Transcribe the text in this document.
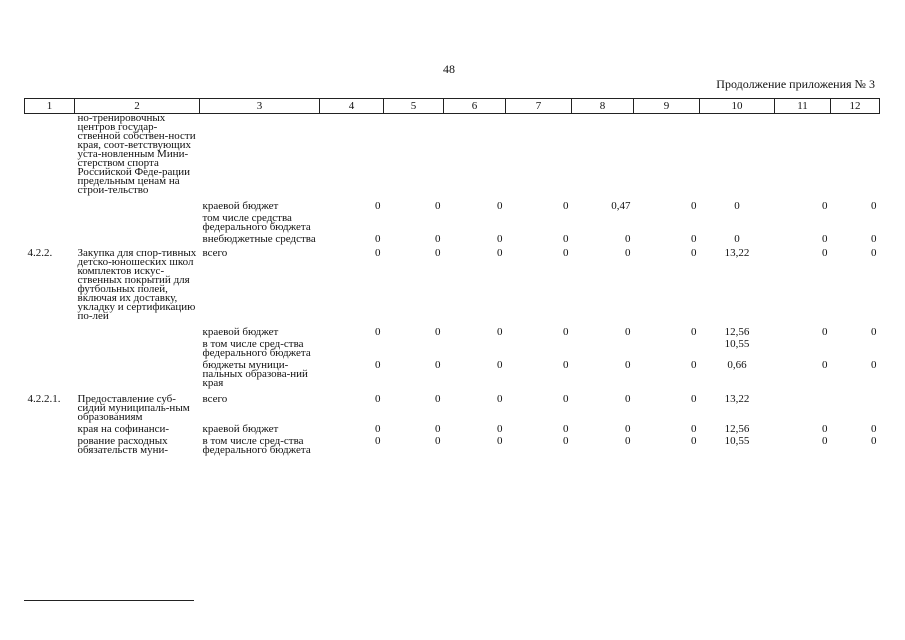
48
Продолжение приложения № 3
1	2	3	4	5	6	7	8	9	10	11	12
	но-тренировочных центров государ-ственной собствен-ности края, соот-ветствующих уста-новленным Мини-стерством спорта Российской Феде-рации предельным ценам на строи-тельство										
		краевой бюджет	0	0	0	0	0,47	0	0	0	0
		том числе средства федерального бюджета									
		внебюджетные средства	0	0	0	0	0	0	0	0	0
4.2.2.	Закупка для спор-тивных детско-юношеских школ комплектов искус-ственных покрытий для футбольных полей, включая их доставку, укладку и сертификацию по-лей	всего	0	0	0	0	0	0	13,22	0	0
		краевой бюджет	0	0	0	0	0	0	12,56	0	0
		в том числе сред-ства федерального бюджета							10,55		
		бюджеты муници-пальных образова-ний края	0	0	0	0	0	0	0,66	0	0
4.2.2.1.	Предоставление суб-сидий муниципаль-ным образованиям	всего	0	0	0	0	0	0	13,22		
	края на софинанси-	краевой бюджет	0	0	0	0	0	0	12,56	0	0
	рование расходных обязательств муни-	в том числе сред-ства федерального бюджета	0	0	0	0	0	0	10,55	0	0
